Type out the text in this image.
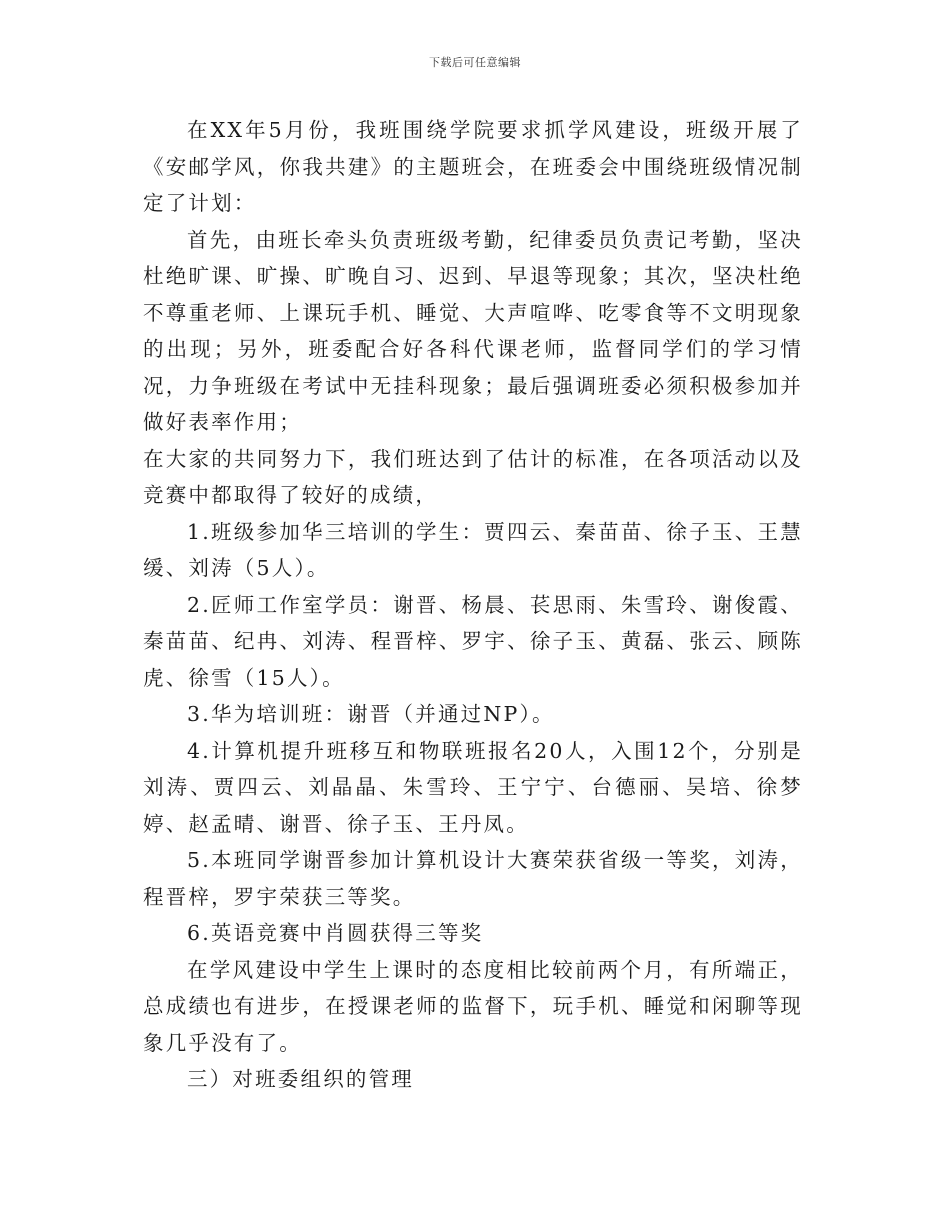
下载后可任意编辑

在XX年5月份，我班围绕学院要求抓学风建设，班级开展了《安邮学风，你我共建》的主题班会，在班委会中围绕班级情况制定了计划：

首先，由班长牵头负责班级考勤，纪律委员负责记考勤，坚决杜绝旷课、旷操、旷晚自习、迟到、早退等现象；其次，坚决杜绝不尊重老师、上课玩手机、睡觉、大声喧哗、吃零食等不文明现象的出现；另外，班委配合好各科代课老师，监督同学们的学习情况，力争班级在考试中无挂科现象；最后强调班委必须积极参加并做好表率作用；

在大家的共同努力下，我们班达到了估计的标准，在各项活动以及竞赛中都取得了较好的成绩，

1.班级参加华三培训的学生：贾四云、秦苗苗、徐子玉、王慧缓、刘涛（5人）。

2.匠师工作室学员：谢晋、杨晨、苌思雨、朱雪玲、谢俊霞、秦苗苗、纪冉、刘涛、程晋梓、罗宇、徐子玉、黄磊、张云、顾陈虎、徐雪（15人）。

3.华为培训班：谢晋（并通过NP）。

4.计算机提升班移互和物联班报名20人，入围12个，分别是刘涛、贾四云、刘晶晶、朱雪玲、王宁宁、台德丽、吴培、徐梦婷、赵孟晴、谢晋、徐子玉、王丹凤。

5.本班同学谢晋参加计算机设计大赛荣获省级一等奖，刘涛，程晋梓，罗宇荣获三等奖。

6.英语竞赛中肖圆获得三等奖

在学风建设中学生上课时的态度相比较前两个月，有所端正，总成绩也有进步，在授课老师的监督下，玩手机、睡觉和闲聊等现象几乎没有了。

三）对班委组织的管理
